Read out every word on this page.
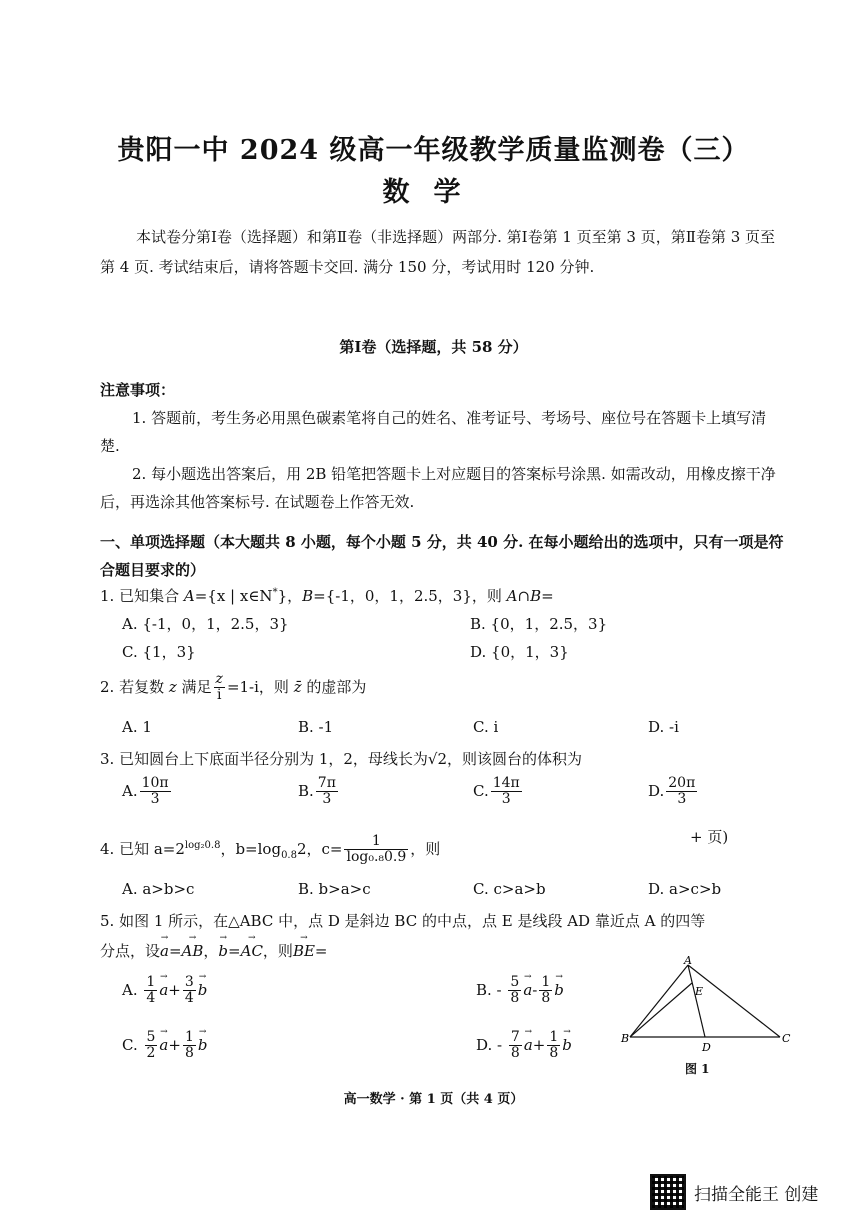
贵阳一中 2024 级高一年级教学质量监测卷（三）
数学
本试卷分第Ⅰ卷（选择题）和第Ⅱ卷（非选择题）两部分. 第Ⅰ卷第 1 页至第 3 页，第Ⅱ卷第 3 页至第 4 页. 考试结束后，请将答题卡交回. 满分 150 分，考试用时 120 分钟.
第Ⅰ卷（选择题，共 58 分）
注意事项：
1. 答题前，考生务必用黑色碳素笔将自己的姓名、准考证号、考场号、座位号在答题卡上填写清楚.
2. 每小题选出答案后，用 2B 铅笔把答题卡上对应题目的答案标号涂黑. 如需改动，用橡皮擦干净后，再选涂其他答案标号. 在试题卷上作答无效.
一、单项选择题（本大题共 8 小题，每个小题 5 分，共 40 分. 在每小题给出的选项中，只有一项是符合题目要求的）
1. 已知集合 A={x | x∈N*}，B={-1，0，1，2.5，3}，则 A∩B=
A. {-1，0，1，2.5，3}	B. {0，1，2.5，3}
C. {1，3}	D. {0，1，3}
2. 若复数 z 满足 $\frac{z}{i} =1-i$，则 z̄ 的虚部为
A. 1	B. -1	C. i	D. -i
3. 已知圆台上下底面半径分别为 1，2，母线长为√2，则该圆台的体积为
A. $\frac{10\pi}{3}$	B. $\frac{7\pi}{3}$	C. $\frac{14\pi}{3}$	D. $\frac{20\pi}{3}$
4. 已知 $a=2^{log_20.8}$，$b=\log_{0.8}2$，$c= \frac{1}{\text{log₀.₈0.9}}$ ，则
+ 页)
A. a>b>c	B. b>a>c	C. c>a>b	D. a>c>b
5. 如图 1 所示，在△ABC 中，点 D 是斜边 BC 的中点，点 E 是线段 AD 靠近点 A 的四等
分点，设→ a=→ AB，→ b=→ AC，则→ BE=
A. $\frac{1}{4}$
→ $a+ \frac{3}{4}$
→ b	B. - $\frac{5}{8}$
→ $a- \frac{1}{8}$
→ b
C. $\frac{5}{2}$
→ $a+ \frac{1}{8}$
→ b	D. - $\frac{7}{8}$
→ $a+ \frac{1}{8}$
→ b
A
E
B	C
D
图 1
高一数学 · 第 1 页（共 4 页）
扫描全能王 创建
